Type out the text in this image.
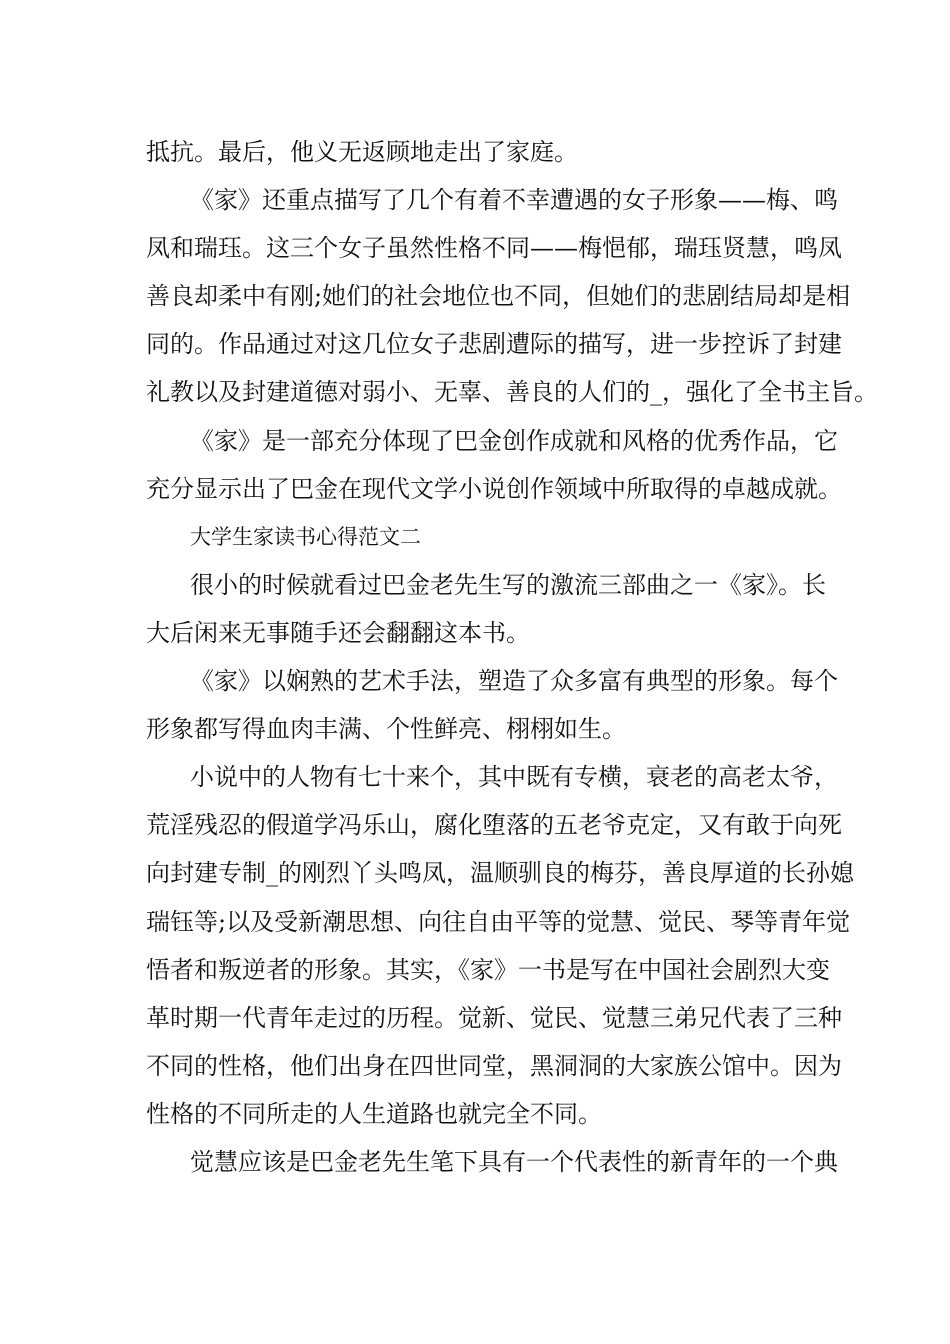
抵抗。最后，他义无返顾地走出了家庭。

《家》还重点描写了几个有着不幸遭遇的女子形象——梅、鸣

凤和瑞珏。这三个女子虽然性格不同——梅悒郁，瑞珏贤慧，鸣凤

善良却柔中有刚;她们的社会地位也不同，但她们的悲剧结局却是相

同的。作品通过对这几位女子悲剧遭际的描写，进一步控诉了封建

礼教以及封建道德对弱小、无辜、善良的人们的_，强化了全书主旨。

《家》是一部充分体现了巴金创作成就和风格的优秀作品，它

充分显示出了巴金在现代文学小说创作领域中所取得的卓越成就。

大学生家读书心得范文二

很小的时候就看过巴金老先生写的激流三部曲之一《家》。长

大后闲来无事随手还会翻翻这本书。

《家》以娴熟的艺术手法，塑造了众多富有典型的形象。每个

形象都写得血肉丰满、个性鲜亮、栩栩如生。

小说中的人物有七十来个，其中既有专横，衰老的高老太爷，

荒淫残忍的假道学冯乐山，腐化堕落的五老爷克定，又有敢于向死

向封建专制_的刚烈丫头鸣凤，温顺驯良的梅芬，善良厚道的长孙媳

瑞钰等;以及受新潮思想、向往自由平等的觉慧、觉民、琴等青年觉

悟者和叛逆者的形象。其实，《家》一书是写在中国社会剧烈大变

革时期一代青年走过的历程。觉新、觉民、觉慧三弟兄代表了三种

不同的性格，他们出身在四世同堂，黑洞洞的大家族公馆中。因为

性格的不同所走的人生道路也就完全不同。

觉慧应该是巴金老先生笔下具有一个代表性的新青年的一个典
